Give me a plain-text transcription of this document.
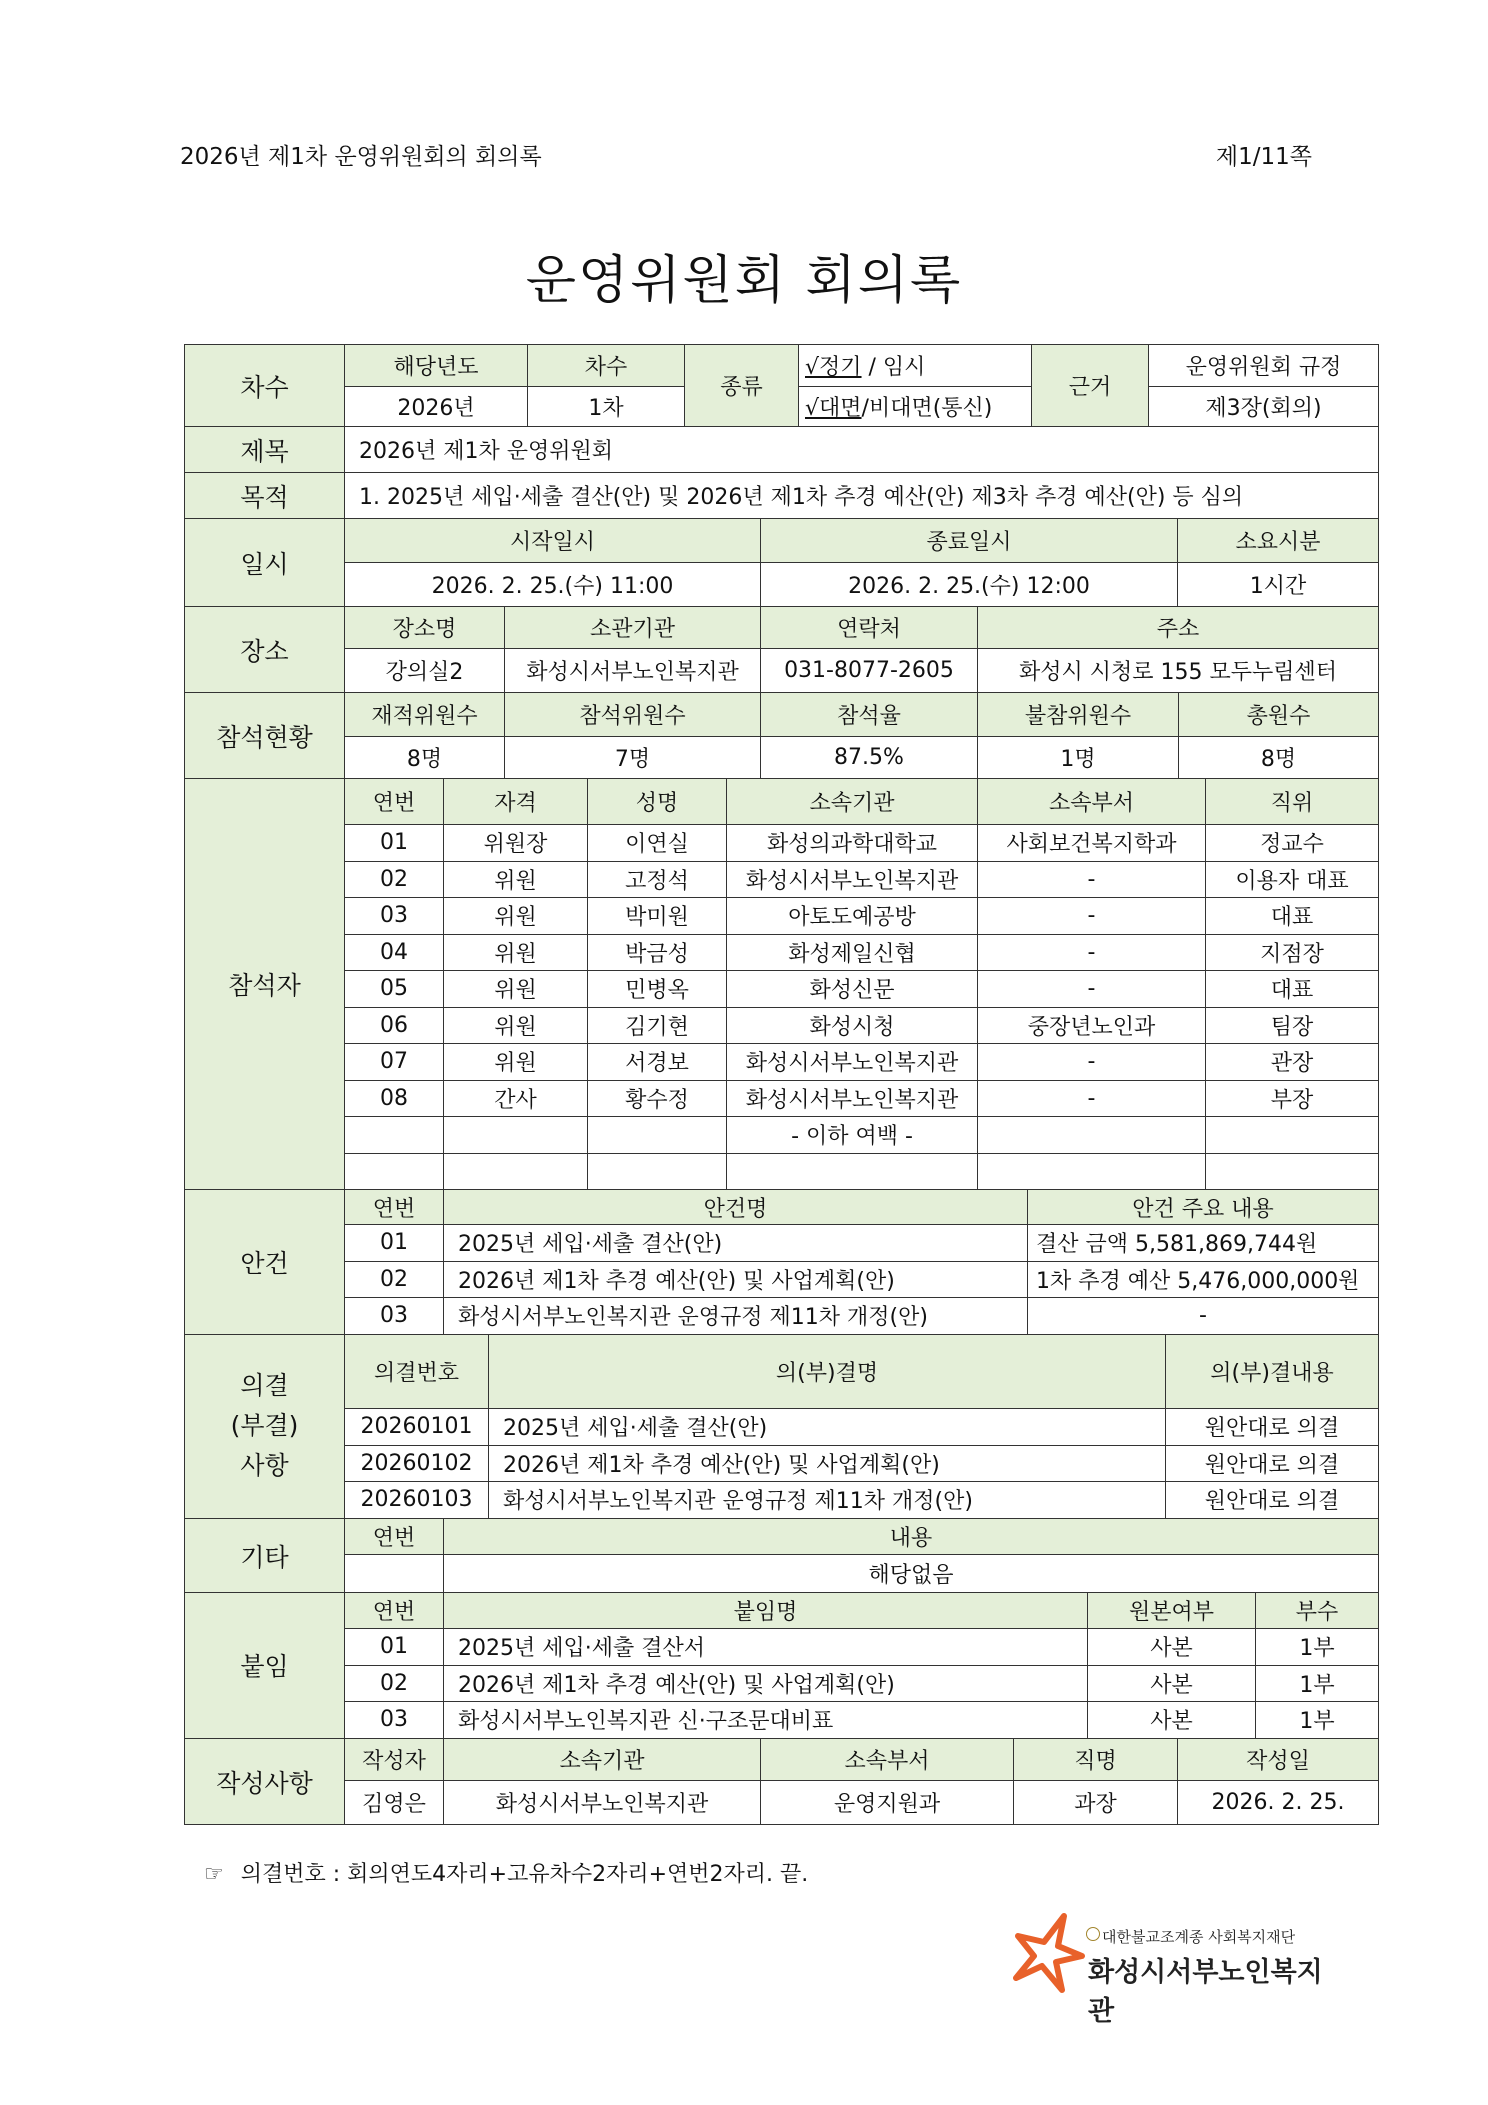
2026년 제1차 운영위원회의 회의록	제1/11쪽
운영위원회 회의록
차수	해당년도	차수	종류	√정기 / 임시	근거	운영위원회 규정
	2026년	1차		√대면/비대면(통신)		제3장(회의)
제목	2026년 제1차 운영위원회					
목적	1. 2025년 세입·세출 결산(안) 및 2026년 제1차 추경 예산(안) 제3차 추경 예산(안) 등 심의					
일시	시작일시	종료일시	소요시분
	2026. 2. 25.(수) 11:00	2026. 2. 25.(수) 12:00	1시간
장소	장소명	소관기관	연락처	주소
	강의실2	화성시서부노인복지관	031-8077-2605	화성시 시청로 155 모두누림센터
참석현황	재적위원수	참석위원수	참석율	불참위원수	총원수
	8명	7명	87.5%	1명	8명
참석자	연번	자격	성명	소속기관	소속부서	직위
	01	위원장	이연실	화성의과학대학교	사회보건복지학과	정교수
	02	위원	고정석	화성시서부노인복지관	-	이용자 대표
	03	위원	박미원	아토도예공방	-	대표
	04	위원	박금성	화성제일신협	-	지점장
	05	위원	민병옥	화성신문	-	대표
	06	위원	김기현	화성시청	중장년노인과	팀장
	07	위원	서경보	화성시서부노인복지관	-	관장
	08	간사	황수정	화성시서부노인복지관	-	부장
				- 이하 여백 -		

안건	연번	안건명	안건 주요 내용
	01	2025년 세입·세출 결산(안)	결산 금액 5,581,869,744원
	02	2026년 제1차 추경 예산(안) 및 사업계획(안)	1차 추경 예산 5,476,000,000원
	03	화성시서부노인복지관 운영규정 제11차 개정(안)	-
의결
(부결)
사항	의결번호	의(부)결명	의(부)결내용
	20260101	2025년 세입·세출 결산(안)	원안대로 의결
	20260102	2026년 제1차 추경 예산(안) 및 사업계획(안)	원안대로 의결
	20260103	화성시서부노인복지관 운영규정 제11차 개정(안)	원안대로 의결
기타	연번	내용
		해당없음
붙임	연번	붙임명	원본여부	부수
	01	2025년 세입·세출 결산서	사본	1부
	02	2026년 제1차 추경 예산(안) 및 사업계획(안)	사본	1부
	03	화성시서부노인복지관 신·구조문대비표	사본	1부
작성사항	작성자	소속기관	소속부서	직명	작성일
	김영은	화성시서부노인복지관	운영지원과	과장	2026. 2. 25.
☞ 의결번호 : 회의연도4자리+고유차수2자리+연번2자리. 끝.
대한불교조계종 사회복지재단
화성시서부노인복지관
